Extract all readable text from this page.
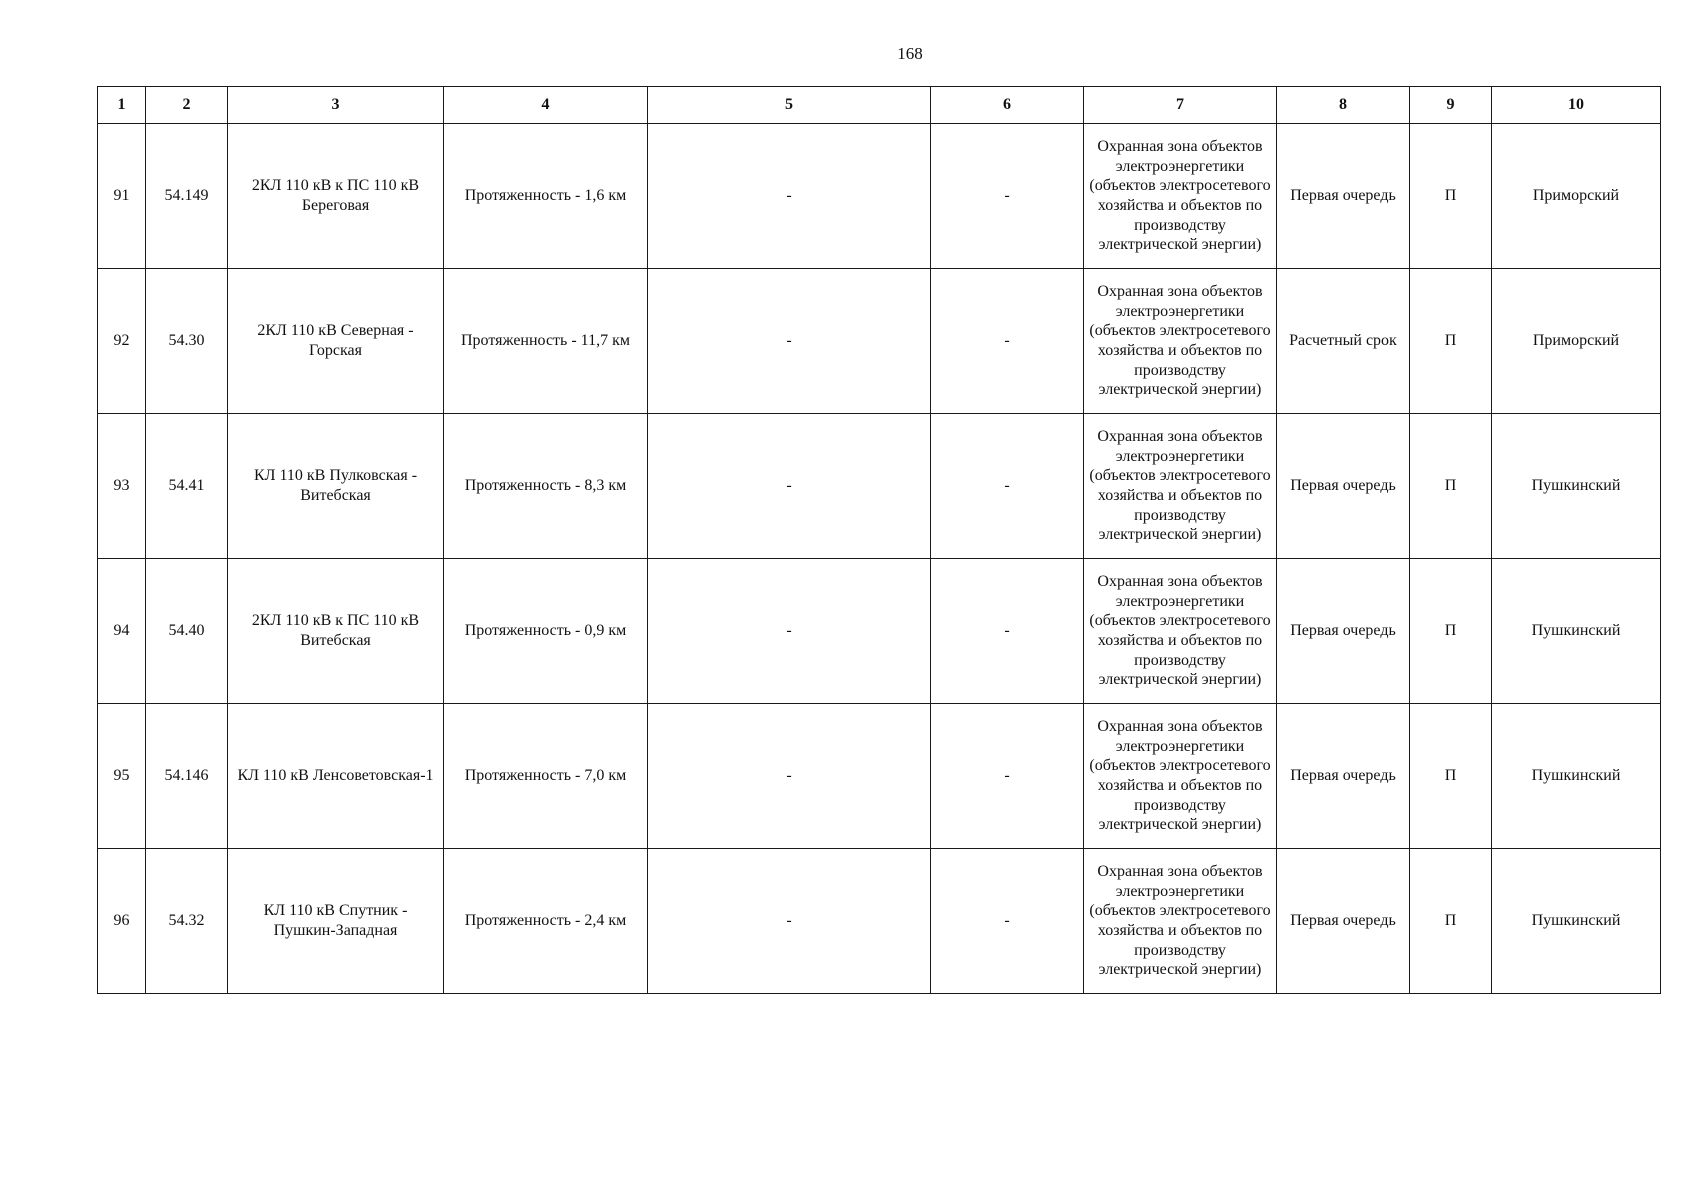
168
1	2	3	4	5	6	7	8	9	10
91	54.149	2КЛ 110 кВ к ПС 110 кВ Береговая	Протяженность - 1,6 км	-	-	Охранная зона объектов электроэнергетики (объектов электросетевого хозяйства и объектов по производству электрической энергии)	Первая очередь	П	Приморский
92	54.30	2КЛ 110 кВ Северная - Горская	Протяженность - 11,7 км	-	-	Охранная зона объектов электроэнергетики (объектов электросетевого хозяйства и объектов по производству электрической энергии)	Расчетный срок	П	Приморский
93	54.41	КЛ 110 кВ Пулковская - Витебская	Протяженность - 8,3 км	-	-	Охранная зона объектов электроэнергетики (объектов электросетевого хозяйства и объектов по производству электрической энергии)	Первая очередь	П	Пушкинский
94	54.40	2КЛ 110 кВ к ПС 110 кВ Витебская	Протяженность - 0,9 км	-	-	Охранная зона объектов электроэнергетики (объектов электросетевого хозяйства и объектов по производству электрической энергии)	Первая очередь	П	Пушкинский
95	54.146	КЛ 110 кВ Ленсоветовская-1	Протяженность - 7,0 км	-	-	Охранная зона объектов электроэнергетики (объектов электросетевого хозяйства и объектов по производству электрической энергии)	Первая очередь	П	Пушкинский
96	54.32	КЛ 110 кВ Спутник - Пушкин-Западная	Протяженность - 2,4 км	-	-	Охранная зона объектов электроэнергетики (объектов электросетевого хозяйства и объектов по производству электрической энергии)	Первая очередь	П	Пушкинский
